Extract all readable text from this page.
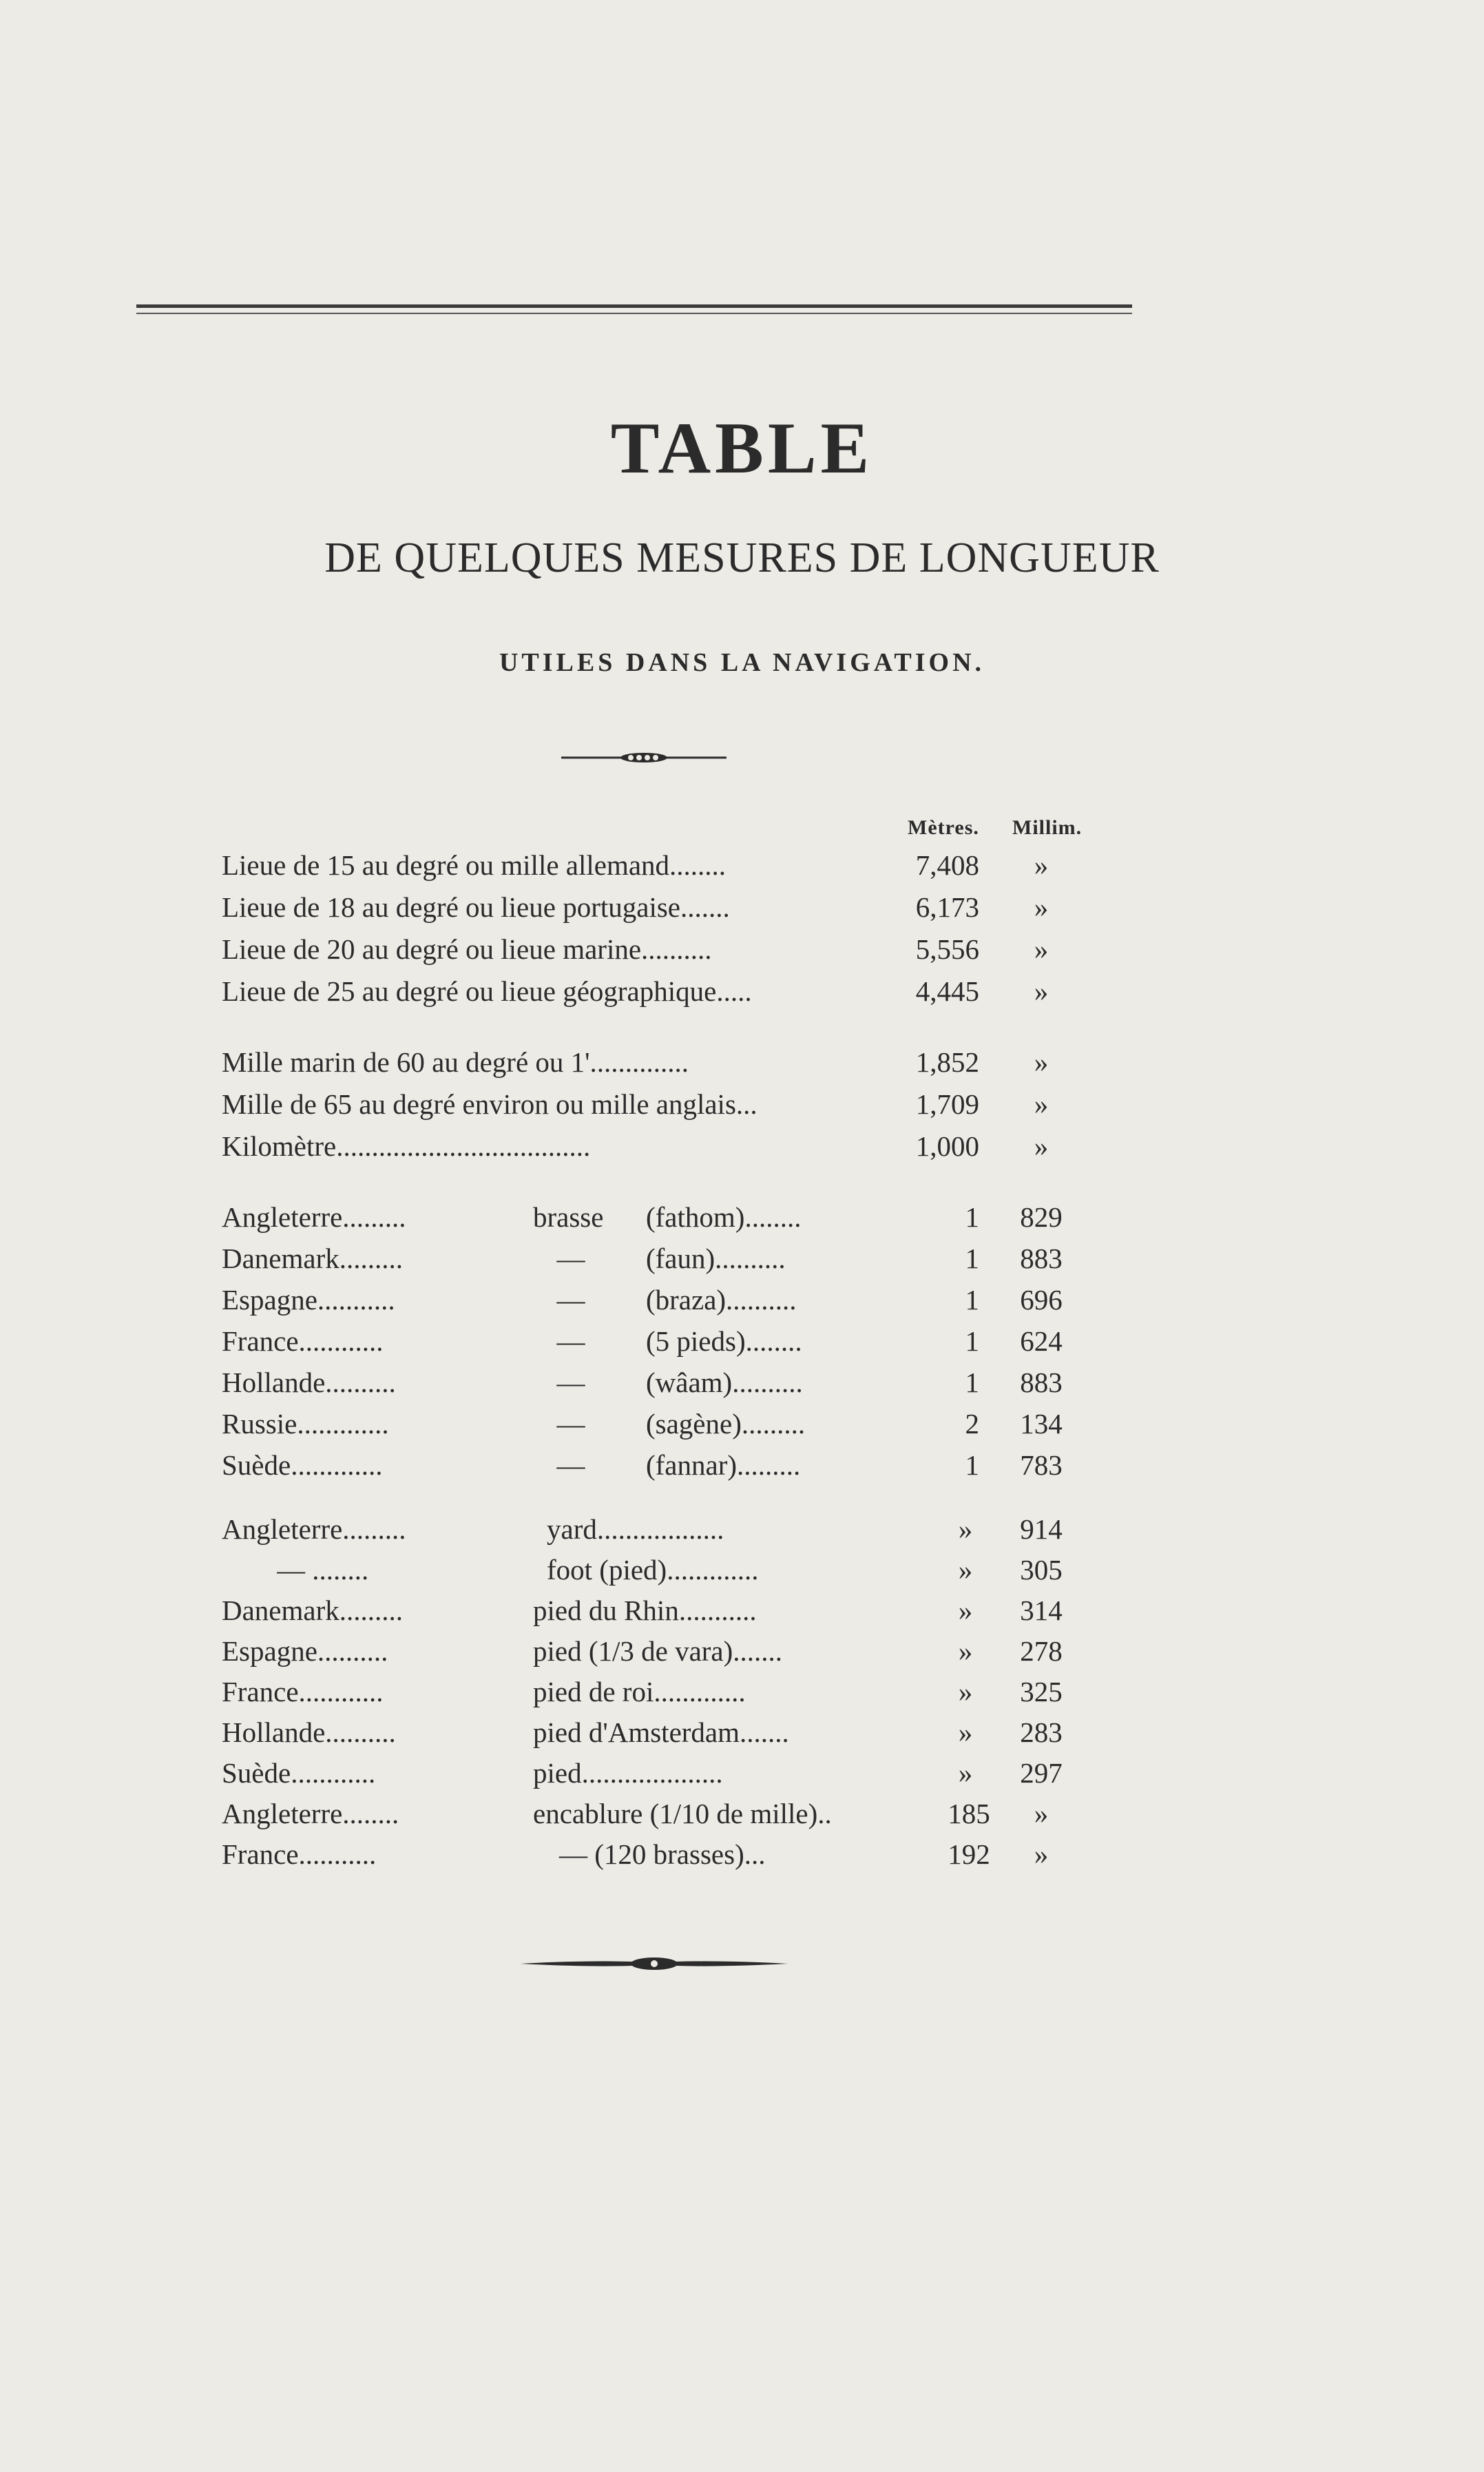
TABLE
DE QUELQUES MESURES DE LONGUEUR
UTILES DANS LA NAVIGATION.
Mètres. Millim.
Lieue de 15 au degré ou mille allemand........	7,408	»
Lieue de 18 au degré ou lieue portugaise.......	6,173	»
Lieue de 20 au degré ou lieue marine..........	5,556	»
Lieue de 25 au degré ou lieue géographique.....	4,445	»
Mille marin de 60 au degré ou 1'..............	1,852	»
Mille de 65 au degré environ ou mille anglais...	1,709	»
Kilomètre....................................	1,000	»
Angleterre.........	brasse (fathom)........	1	829
Danemark.........	—	(faun)..........	1	883
Espagne...........	—	(braza)..........	1	696
France............	—	(5 pieds)........	1	624
Hollande..........	—	(wâam)..........	1	883
Russie.............	—	(sagène).........	2	134
Suède.............	—	(fannar).........	1	783
Angleterre.........	yard..................	»	914
— ........	foot (pied).............	»	305
Danemark.........	pied du Rhin...........	»	314
Espagne..........	pied (1/3 de vara).......	»	278
France............	pied de roi.............	»	325
Hollande..........	pied d'Amsterdam.......	»	283
Suède............	pied....................	»	297
Angleterre........	encablure (1/10 de mille)..	185	»
France...........	— (120 brasses)...	192	»
